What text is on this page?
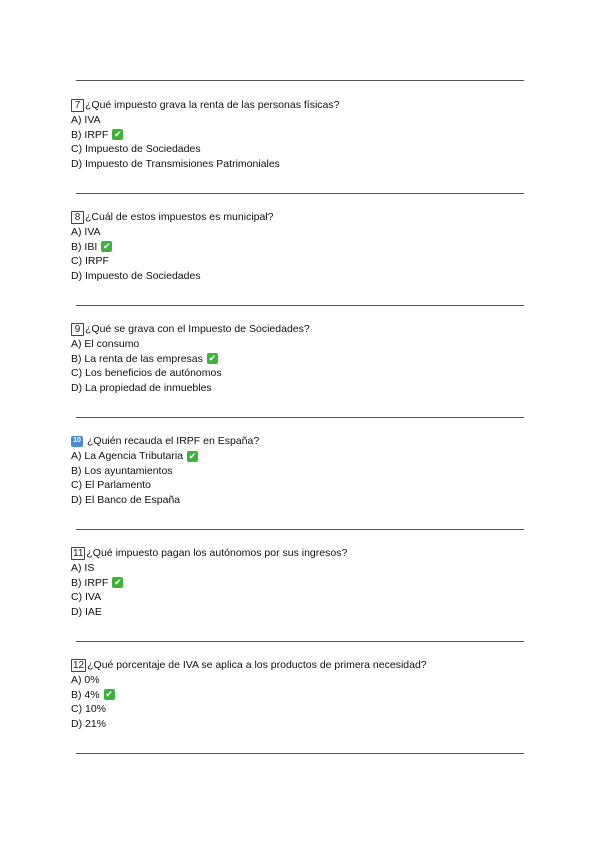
7 ¿Qué impuesto grava la renta de las personas físicas?
A) IVA
B) IRPF ✔
C) Impuesto de Sociedades
D) Impuesto de Transmisiones Patrimoniales
8 ¿Cuál de estos impuestos es municipal?
A) IVA
B) IBI ✔
C) IRPF
D) Impuesto de Sociedades
9 ¿Qué se grava con el Impuesto de Sociedades?
A) El consumo
B) La renta de las empresas ✔
C) Los beneficios de autónomos
D) La propiedad de inmuebles
10 ¿Quién recauda el IRPF en España?
A) La Agencia Tributaria ✔
B) Los ayuntamientos
C) El Parlamento
D) El Banco de España
11 ¿Qué impuesto pagan los autónomos por sus ingresos?
A) IS
B) IRPF ✔
C) IVA
D) IAE
12 ¿Qué porcentaje de IVA se aplica a los productos de primera necesidad?
A) 0%
B) 4% ✔
C) 10%
D) 21%
